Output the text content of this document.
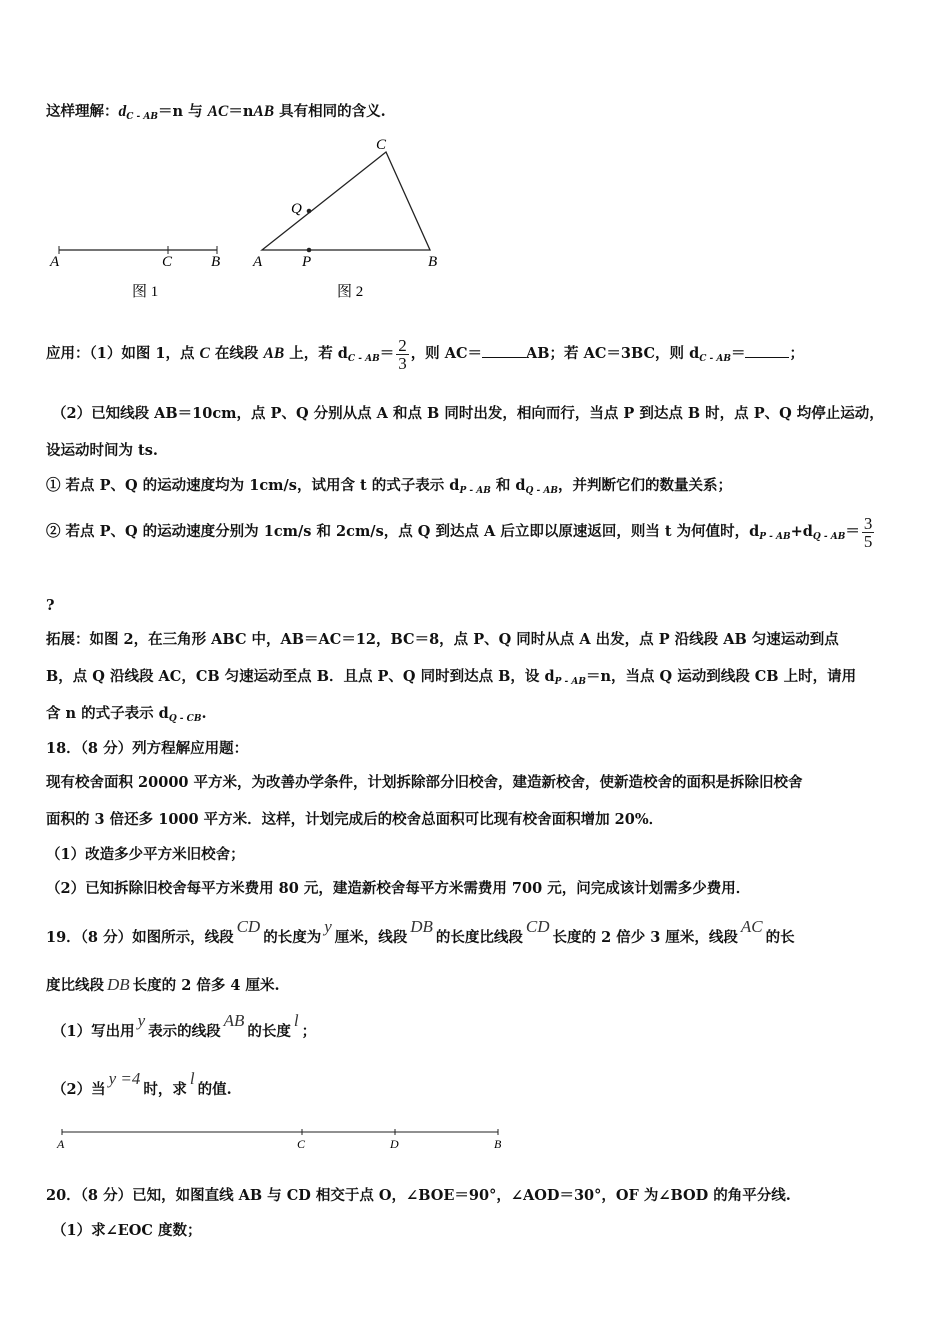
这样理解：$d_{C - AB}=n$ 与 AC＝nAB 具有相同的含义.
A	C	B
图 1
C
Q
A	P	B
图 2
应用：（1）如图 1，点 C 在线段 AB 上，若 $d_{C - AB}= \frac{2}{3}$ ，则 AC＝	AB；若 AC＝3BC，则 $d_{C - AB}=$	；
（2）已知线段 AB＝10cm，点 P、Q 分别从点 A 和点 B 同时出发，相向而行，当点 P 到达点 B 时，点 P、Q 均停止运动，
设运动时间为 ts.
① 若点 P、Q 的运动速度均为 1cm/s，试用含 t 的式子表示 $d_{P - AB}$ 和 $d_{Q - AB}$，并判断它们的数量关系；
② 若点 P、Q 的运动速度分别为 1cm/s 和 2cm/s，点 Q 到达点 A 后立即以原速返回，则当 t 为何值时，$d_{P - AB}+d_{Q - AB}= \frac{3}{5}$
?
拓展：如图 2，在三角形 ABC 中，AB＝AC＝12，BC＝8，点 P、Q 同时从点 A 出发，点 P 沿线段 AB 匀速运动到点
B，点 Q 沿线段 AC，CB 匀速运动至点 B．且点 P、Q 同时到达点 B，设 $d_{P - AB}=n$，当点 Q 运动到线段 CB 上时，请用
含 n 的式子表示 $d_{Q - CB}$.
18．（8 分）列方程解应用题：
现有校舍面积 20000 平方米，为改善办学条件，计划拆除部分旧校舍，建造新校舍，使新造校舍的面积是拆除旧校舍
面积的 3 倍还多 1000 平方米．这样，计划完成后的校舍总面积可比现有校舍面积增加 20%．
（1）改造多少平方米旧校舍；
（2）已知拆除旧校舍每平方米费用 80 元，建造新校舍每平方米需费用 700 元，问完成该计划需多少费用．
19．（8 分）如图所示，线段CD的长度为y厘米，线段DB的长度比线段CD长度的 2 倍少 3 厘米，线段AC的长
度比线段 DB 长度的 2 倍多 4 厘米.
（1）写出用y表示的线段AB的长度l；
（2）当y =4时，求l的值.
A	C	D	B
20．（8 分）已知，如图直线 AB 与 CD 相交于点 O，∠BOE＝90°，∠AOD＝30°，OF 为∠BOD 的角平分线.
（1）求∠EOC 度数；
